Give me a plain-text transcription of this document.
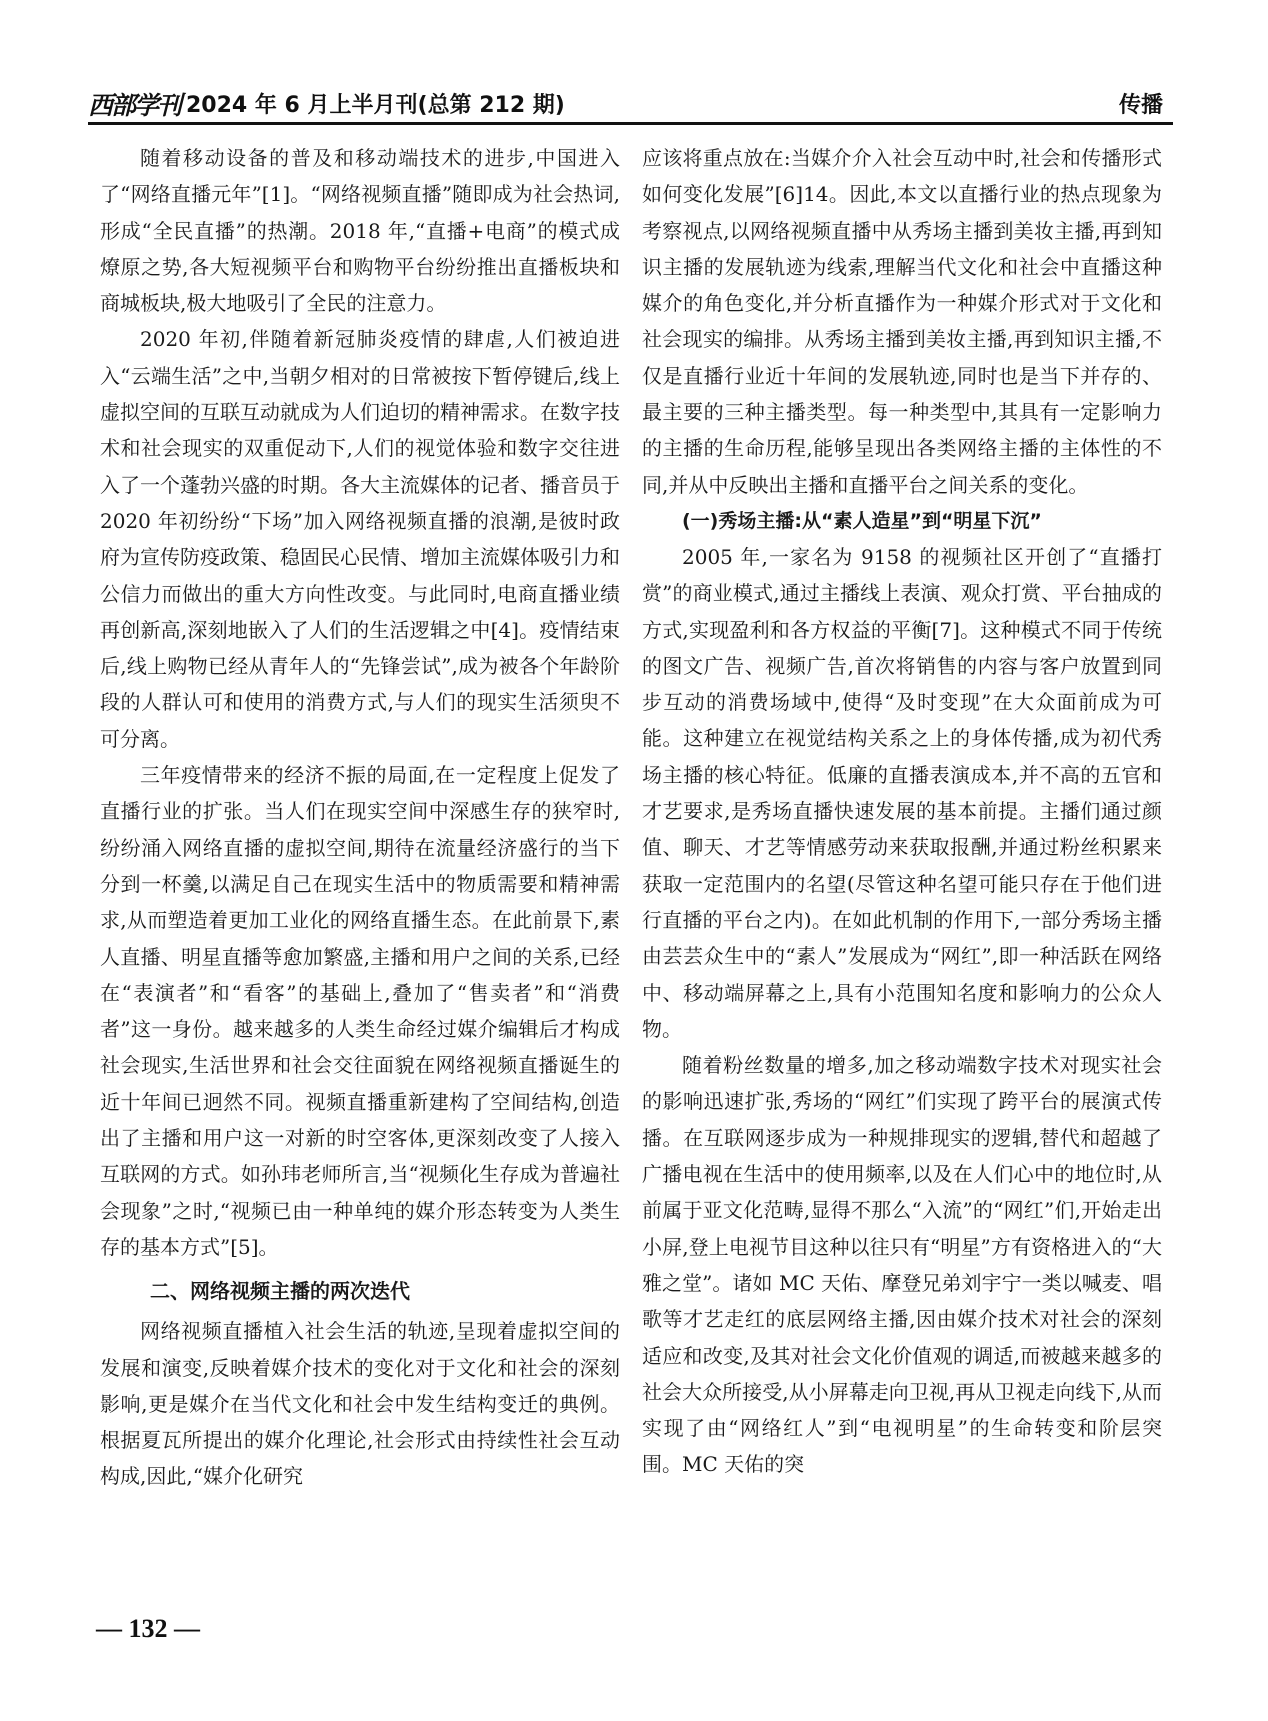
西部学刊 2024 年 6 月上半月刊(总第 212 期)	传播

随着移动设备的普及和移动端技术的进步,中国进入了“网络直播元年”[1]。“网络视频直播”随即成为社会热词,形成“全民直播”的热潮。2018 年,“直播+电商”的模式成燎原之势,各大短视频平台和购物平台纷纷推出直播板块和商城板块,极大地吸引了全民的注意力。

2020 年初,伴随着新冠肺炎疫情的肆虐,人们被迫进入“云端生活”之中,当朝夕相对的日常被按下暂停键后,线上虚拟空间的互联互动就成为人们迫切的精神需求。在数字技术和社会现实的双重促动下,人们的视觉体验和数字交往进入了一个蓬勃兴盛的时期。各大主流媒体的记者、播音员于 2020 年初纷纷“下场”加入网络视频直播的浪潮,是彼时政府为宣传防疫政策、稳固民心民情、增加主流媒体吸引力和公信力而做出的重大方向性改变。与此同时,电商直播业绩再创新高,深刻地嵌入了人们的生活逻辑之中[4]。疫情结束后,线上购物已经从青年人的“先锋尝试”,成为被各个年龄阶段的人群认可和使用的消费方式,与人们的现实生活须臾不可分离。

三年疫情带来的经济不振的局面,在一定程度上促发了直播行业的扩张。当人们在现实空间中深感生存的狭窄时,纷纷涌入网络直播的虚拟空间,期待在流量经济盛行的当下分到一杯羹,以满足自己在现实生活中的物质需要和精神需求,从而塑造着更加工业化的网络直播生态。在此前景下,素人直播、明星直播等愈加繁盛,主播和用户之间的关系,已经在“表演者”和“看客”的基础上,叠加了“售卖者”和“消费者”这一身份。越来越多的人类生命经过媒介编辑后才构成社会现实,生活世界和社会交往面貌在网络视频直播诞生的近十年间已迥然不同。视频直播重新建构了空间结构,创造出了主播和用户这一对新的时空客体,更深刻改变了人接入互联网的方式。如孙玮老师所言,当“视频化生存成为普遍社会现象”之时,“视频已由一种单纯的媒介形态转变为人类生存的基本方式”[5]。

二、网络视频主播的两次迭代

网络视频直播植入社会生活的轨迹,呈现着虚拟空间的发展和演变,反映着媒介技术的变化对于文化和社会的深刻影响,更是媒介在当代文化和社会中发生结构变迁的典例。根据夏瓦所提出的媒介化理论,社会形式由持续性社会互动构成,因此,“媒介化研究

应该将重点放在:当媒介介入社会互动中时,社会和传播形式如何变化发展”[6]14。因此,本文以直播行业的热点现象为考察视点,以网络视频直播中从秀场主播到美妆主播,再到知识主播的发展轨迹为线索,理解当代文化和社会中直播这种媒介的角色变化,并分析直播作为一种媒介形式对于文化和社会现实的编排。从秀场主播到美妆主播,再到知识主播,不仅是直播行业近十年间的发展轨迹,同时也是当下并存的、最主要的三种主播类型。每一种类型中,其具有一定影响力的主播的生命历程,能够呈现出各类网络主播的主体性的不同,并从中反映出主播和直播平台之间关系的变化。

(一)秀场主播:从“素人造星”到“明星下沉”

2005 年,一家名为 9158 的视频社区开创了“直播打赏”的商业模式,通过主播线上表演、观众打赏、平台抽成的方式,实现盈利和各方权益的平衡[7]。这种模式不同于传统的图文广告、视频广告,首次将销售的内容与客户放置到同步互动的消费场域中,使得“及时变现”在大众面前成为可能。这种建立在视觉结构关系之上的身体传播,成为初代秀场主播的核心特征。低廉的直播表演成本,并不高的五官和才艺要求,是秀场直播快速发展的基本前提。主播们通过颜值、聊天、才艺等情感劳动来获取报酬,并通过粉丝积累来获取一定范围内的名望(尽管这种名望可能只存在于他们进行直播的平台之内)。在如此机制的作用下,一部分秀场主播由芸芸众生中的“素人”发展成为“网红”,即一种活跃在网络中、移动端屏幕之上,具有小范围知名度和影响力的公众人物。

随着粉丝数量的增多,加之移动端数字技术对现实社会的影响迅速扩张,秀场的“网红”们实现了跨平台的展演式传播。在互联网逐步成为一种规排现实的逻辑,替代和超越了广播电视在生活中的使用频率,以及在人们心中的地位时,从前属于亚文化范畴,显得不那么“入流”的“网红”们,开始走出小屏,登上电视节目这种以往只有“明星”方有资格进入的“大雅之堂”。诸如 MC 天佑、摩登兄弟刘宇宁一类以喊麦、唱歌等才艺走红的底层网络主播,因由媒介技术对社会的深刻适应和改变,及其对社会文化价值观的调适,而被越来越多的社会大众所接受,从小屏幕走向卫视,再从卫视走向线下,从而实现了由“网络红人”到“电视明星”的生命转变和阶层突围。MC 天佑的突

— 132 —
